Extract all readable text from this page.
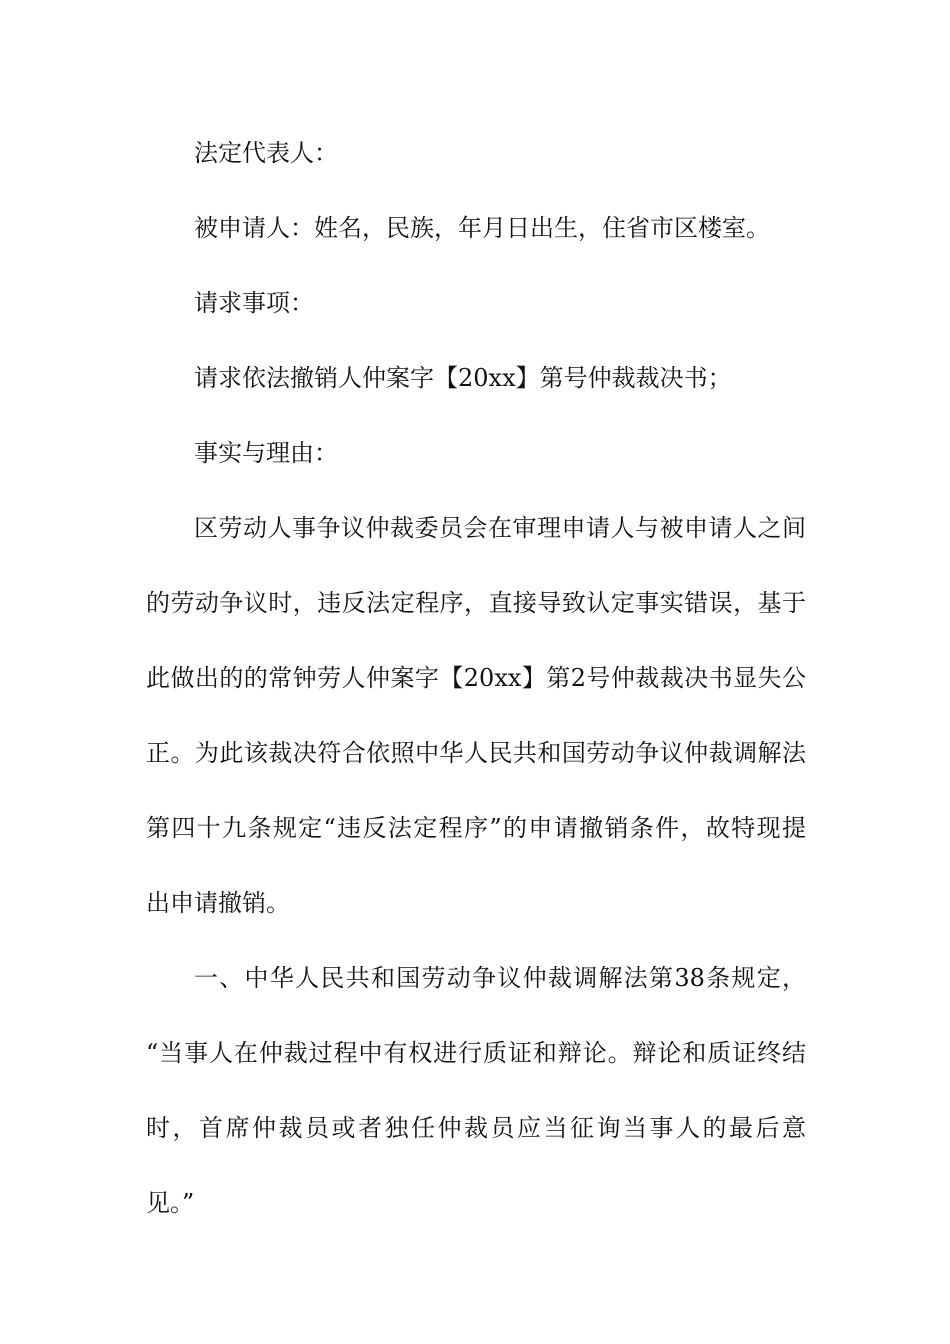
法定代表人：
被申请人：姓名，民族，年月日出生，住省市区楼室。
请求事项：
请求依法撤销人仲案字【20xx】第号仲裁裁决书；
事实与理由：
区劳动人事争议仲裁委员会在审理申请人与被申请人之间
的劳动争议时，违反法定程序，直接导致认定事实错误，基于
此做出的的常钟劳人仲案字【20xx】第2号仲裁裁决书显失公
正。为此该裁决符合依照中华人民共和国劳动争议仲裁调解法
第四十九条规定“违反法定程序”的申请撤销条件，故特现提
出申请撤销。
一、中华人民共和国劳动争议仲裁调解法第38条规定，
“当事人在仲裁过程中有权进行质证和辩论。辩论和质证终结
时，首席仲裁员或者独任仲裁员应当征询当事人的最后意
见。”
